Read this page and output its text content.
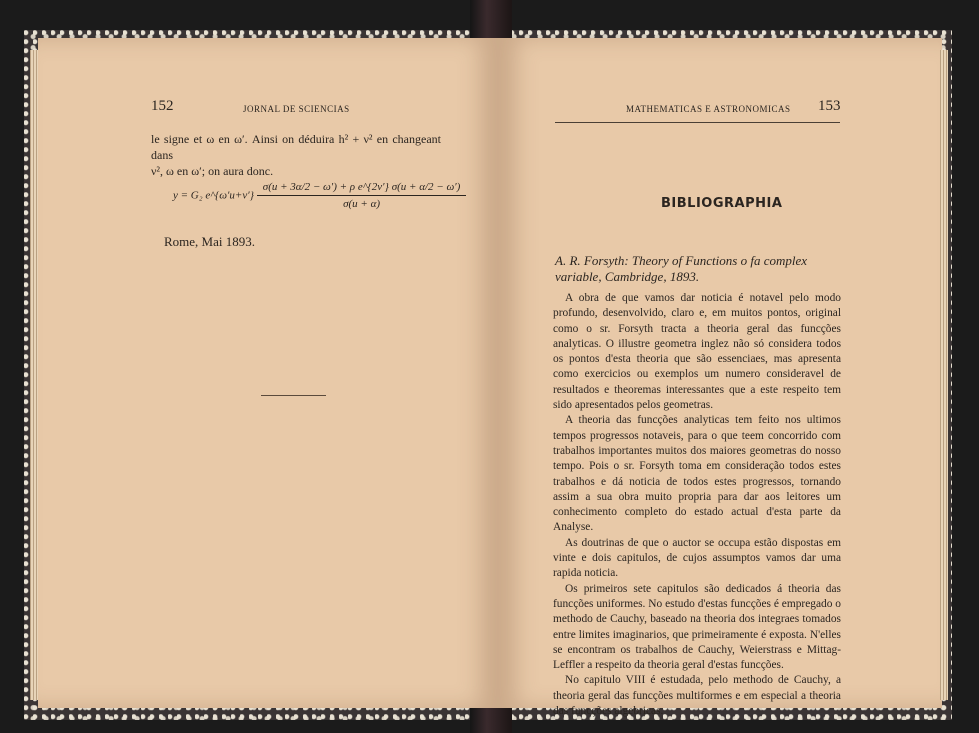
152	JORNAL DE SCIENCIAS

le signe et ω en ω′. Ainsi on déduira h² + ν² en changeant dans

ν², ω en ω′; on aura donc.

y = G₂ e^{ω′u+ν′} $\frac{\text{σ(u + 3α/2 − ω′) + ρ e\textasciicircum{}\{2ν′\} σ(u + α/2 − ω′)}}{\sigma(u + \alpha)}$
Rome, Mai 1893.
MATHEMATICAS E ASTRONOMICAS 153
BIBLIOGRAPHIA
A. R. Forsyth: Theory of Functions o fa complex variable, Cambridge, 1893.

A obra de que vamos dar noticia é notavel pelo modo profundo, desenvolvido, claro e, em muitos pontos, original como o sr. Forsyth tracta a theoria geral das funcções analyticas. O illustre geometra inglez não só considera todos os pontos d'esta theoria que são essenciaes, mas apresenta como exercicios ou exemplos um numero consideravel de resultados e theoremas interessantes que a este respeito tem sido apresentados pelos geometras.

A theoria das funcções analyticas tem feito nos ultimos tempos progressos notaveis, para o que teem concorrido com trabalhos importantes muitos dos maiores geometras do nosso tempo. Pois o sr. Forsyth toma em consideração todos estes trabalhos e dá noticia de todos estes progressos, tornando assim a sua obra muito propria para dar aos leitores um conhecimento completo do estado actual d'esta parte da Analyse.

As doutrinas de que o auctor se occupa estão dispostas em vinte e dois capitulos, de cujos assumptos vamos dar uma rapida noticia.

Os primeiros sete capitulos são dedicados á theoria das funcções uniformes. No estudo d'estas funcções é empregado o methodo de Cauchy, baseado na theoria dos integraes tomados entre limites imaginarios, que primeiramente é exposta. N'elles se encontram os trabalhos de Cauchy, Weierstrass e Mittag-Leffler a respeito da theoria geral d'estas funcções.

No capitulo VIII é estudada, pelo methodo de Cauchy, a theoria geral das funcções multiformes e em especial a theoria das funcções algebricas.
